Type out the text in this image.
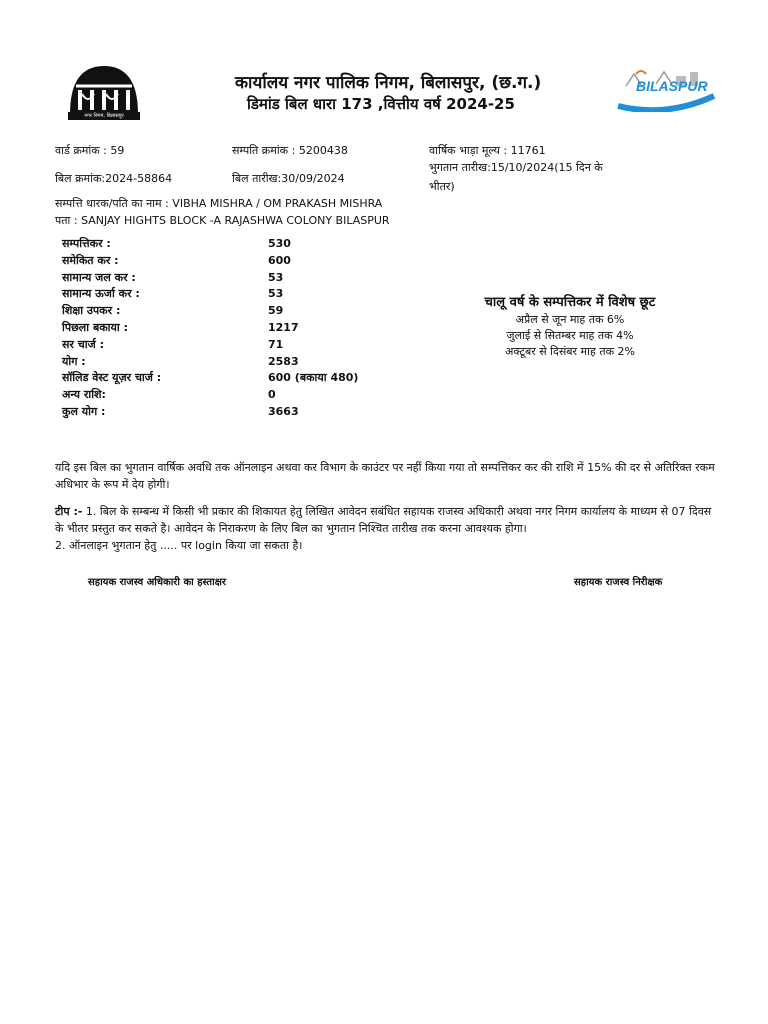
नगर निगम, बिलासपुर
कार्यालय नगर पालिक निगम, बिलासपुर, (छ.ग.)
डिमांड बिल धारा 173 ,वित्तीय वर्ष 2024-25
BILASPUR
वार्ड क्रमांक : 59	सम्पति क्रमांक : 5200438	वार्षिक भाड़ा मूल्य : 11761
भुगतान तारीख:15/10/2024(15 दिन के
बिल क्रमांक:2024-58864	बिल तारीख:30/09/2024
भीतर)
सम्पत्ति धारक/पति का नाम : VIBHA MISHRA / OM PRAKASH MISHRA
पता : SANJAY HIGHTS BLOCK -A RAJASHWA COLONY BILASPUR
सम्पत्तिकर :	530
समेकित कर :	600
सामान्य जल कर :	53
सामान्य ऊर्जा कर :	53
शिक्षा उपकर :	59
पिछला बकाया :	1217
सर चार्ज :	71
योग :	2583
सॉलिड वेस्ट यूज़र चार्ज :	600 (बकाया 480)
अन्य राशि:	0
कुल योग :	3663
चालू वर्ष के सम्पत्तिकर में विशेष छूट
अप्रैल से जून माह तक 6%
जुलाई से सितम्बर माह तक 4%
अक्टूबर से दिसंबर माह तक 2%
यदि इस बिल का भुगतान वार्षिक अवधि तक ऑनलाइन अथवा कर विभाग के काउंटर पर नहीं किया गया तो सम्पत्तिकर कर की राशि में 15% की दर से अतिरिक्त रकम अधिभार के रूप में देय होगी।
टीप :- 1. बिल के सम्बन्ध में किसी भी प्रकार की शिकायत हेतु लिखित आवेदन सबंधित सहायक राजस्व अधिकारी अथवा नगर निगम कार्यालय के माध्यम से 07 दिवस के भीतर प्रस्तुत कर सकते है। आवेदन के निराकरण के लिए बिल का भुगतान निश्चित तारीख तक करना आवश्यक होगा।
2. ऑनलाइन भुगतान हेतु ..... पर login किया जा सकता है।
सहायक राजस्व अधिकारी का हस्ताक्षर	सहायक राजस्व निरीक्षक
